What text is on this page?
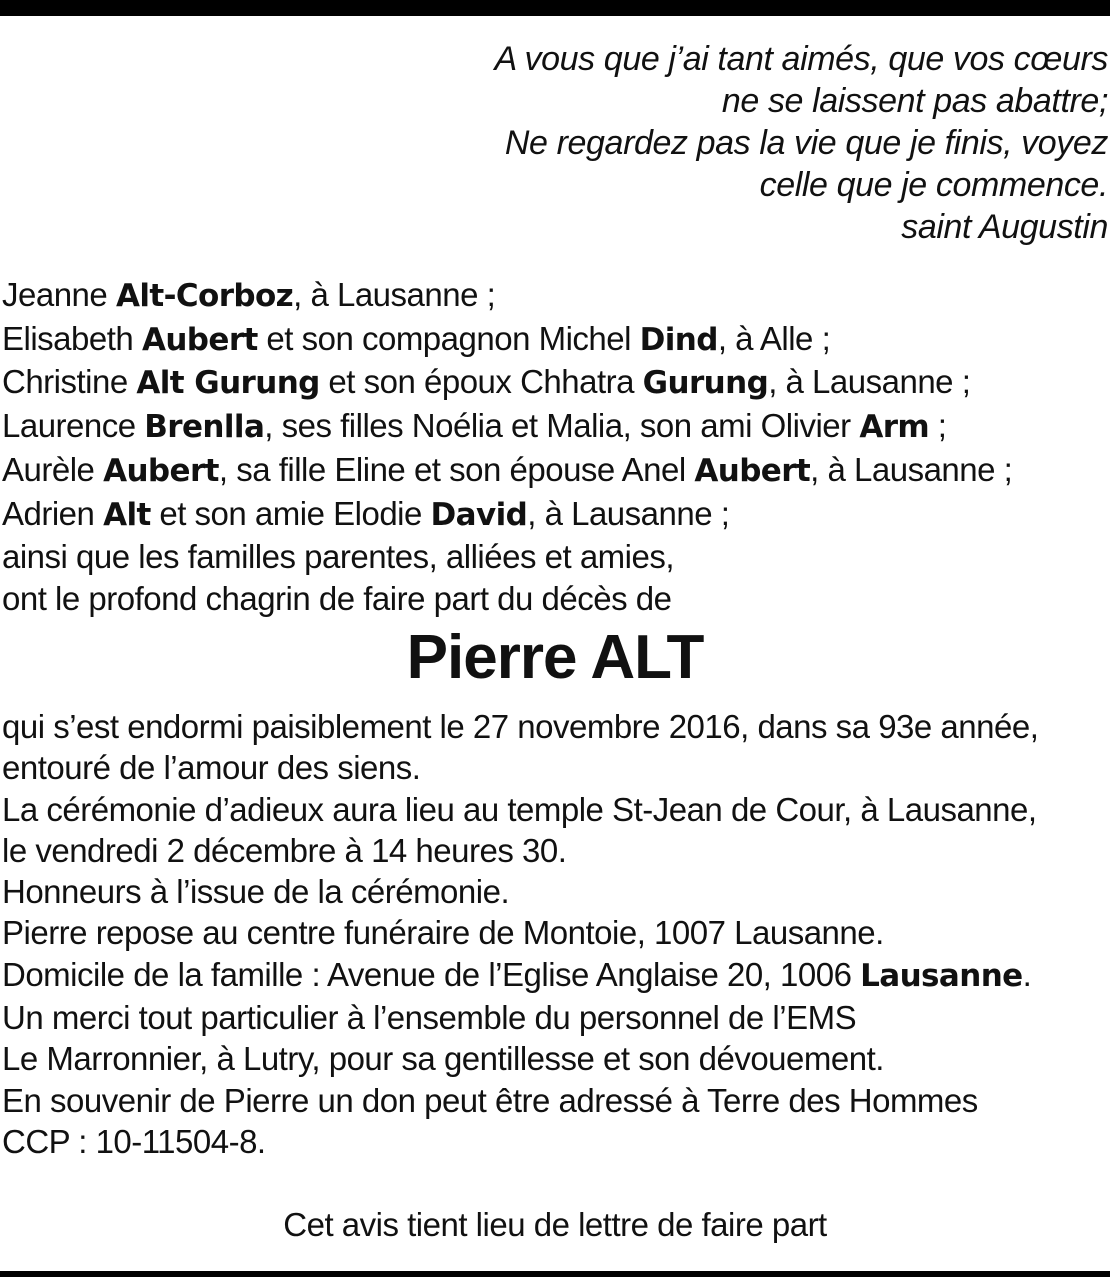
A vous que j’ai tant aimés, que vos cœurs
ne se laissent pas abattre;
Ne regardez pas la vie que je finis, voyez
celle que je commence.
saint Augustin
Jeanne Alt-Corboz, à Lausanne ;
Elisabeth Aubert et son compagnon Michel Dind, à Alle ;
Christine Alt Gurung et son époux Chhatra Gurung, à Lausanne ;
Laurence Brenlla, ses filles Noélia et Malia, son ami Olivier Arm ;
Aurèle Aubert, sa fille Eline et son épouse Anel Aubert, à Lausanne ;
Adrien Alt et son amie Elodie David, à Lausanne ;
ainsi que les familles parentes, alliées et amies,
ont le profond chagrin de faire part du décès de
Pierre ALT
qui s’est endormi paisiblement le 27 novembre 2016, dans sa 93e année,
entouré de l’amour des siens.
La cérémonie d’adieux aura lieu au temple St-Jean de Cour, à Lausanne,
le vendredi 2 décembre à 14 heures 30.
Honneurs à l’issue de la cérémonie.
Pierre repose au centre funéraire de Montoie, 1007 Lausanne.
Domicile de la famille : Avenue de l’Eglise Anglaise 20, 1006 Lausanne.
Un merci tout particulier à l’ensemble du personnel de l’EMS
Le Marronnier, à Lutry, pour sa gentillesse et son dévouement.
En souvenir de Pierre un don peut être adressé à Terre des Hommes
CCP : 10-11504-8.
Cet avis tient lieu de lettre de faire part
